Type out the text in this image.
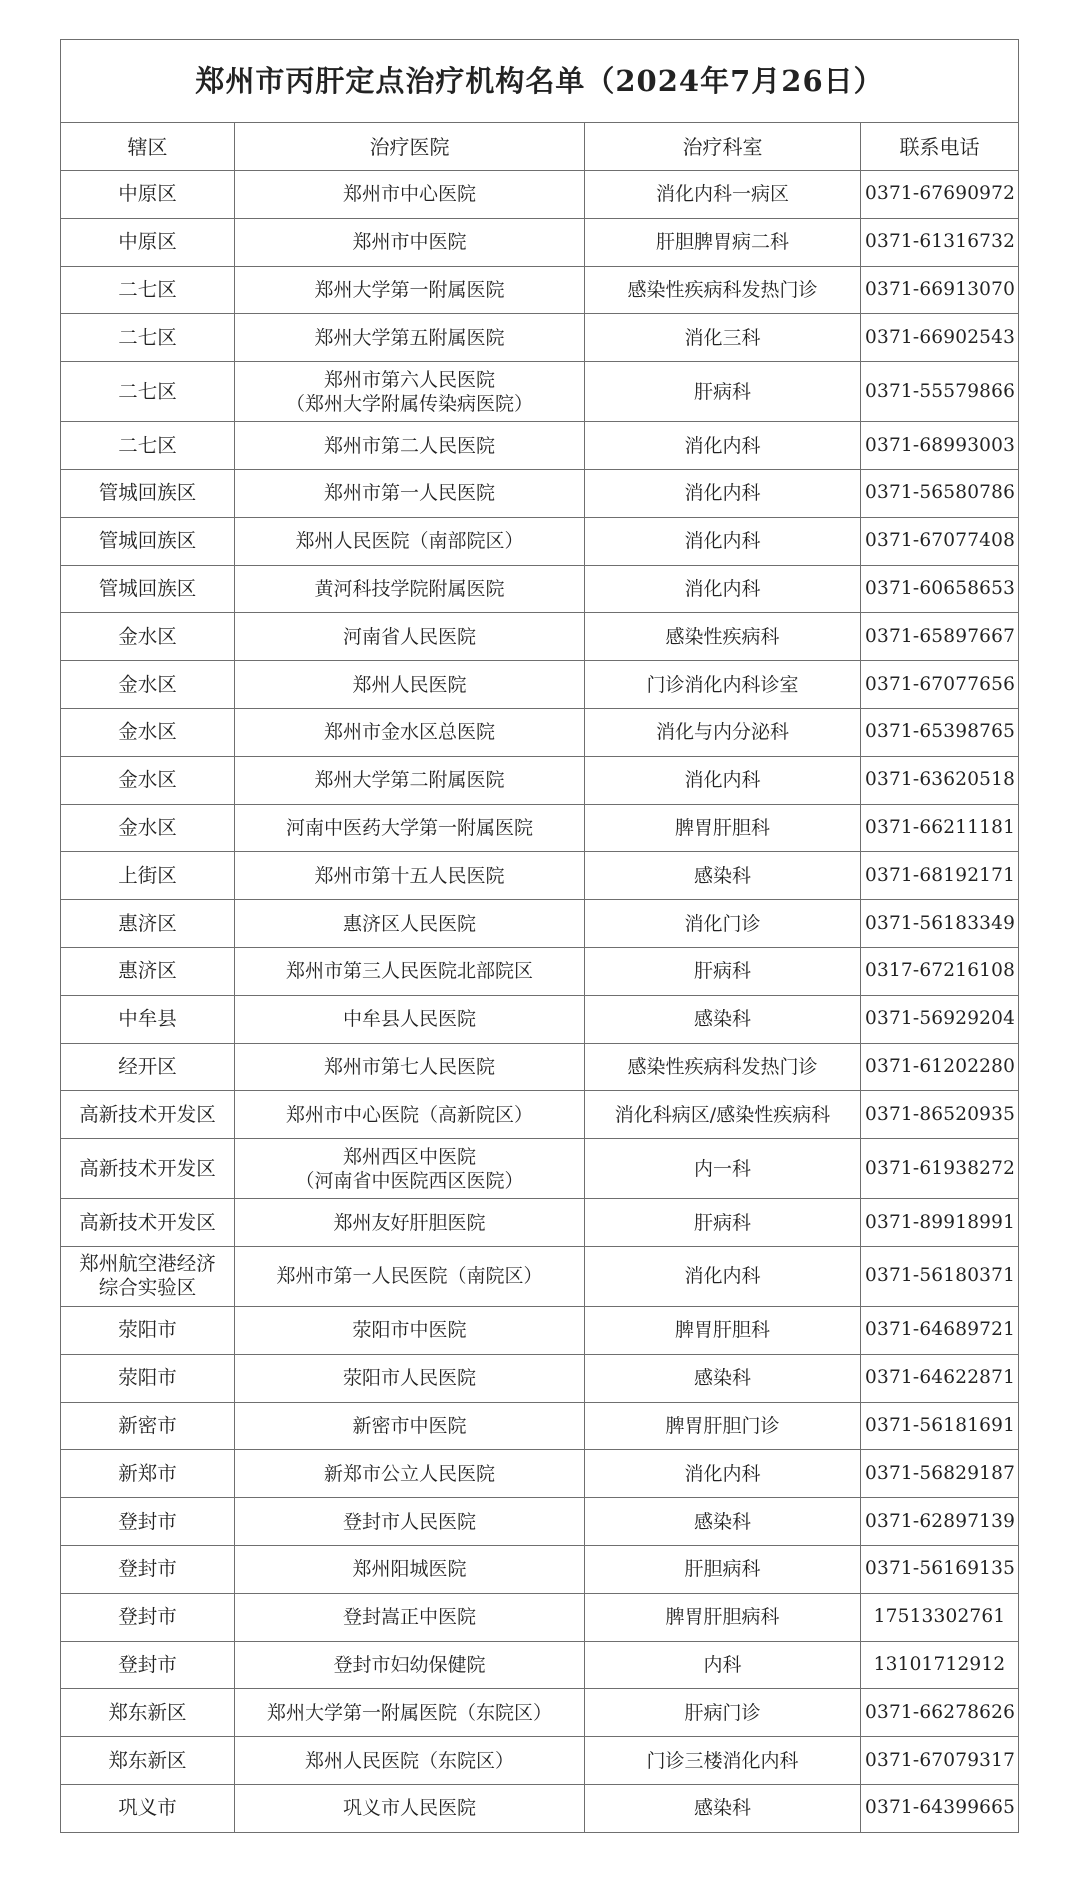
郑州市丙肝定点治疗机构名单（2024年7月26日）			
辖区	治疗医院	治疗科室	联系电话

中原区	郑州市中心医院	消化内科一病区	0371-67690972

中原区	郑州市中医院	肝胆脾胃病二科	0371-61316732

二七区	郑州大学第一附属医院	感染性疾病科发热门诊	0371-66913070

二七区	郑州大学第五附属医院	消化三科	0371-66902543

二七区	郑州市第六人民医院
（郑州大学附属传染病医院）	肝病科	0371-55579866

二七区	郑州市第二人民医院	消化内科	0371-68993003

管城回族区	郑州市第一人民医院	消化内科	0371-56580786

管城回族区	郑州人民医院（南部院区）	消化内科	0371-67077408

管城回族区	黄河科技学院附属医院	消化内科	0371-60658653

金水区	河南省人民医院	感染性疾病科	0371-65897667

金水区	郑州人民医院	门诊消化内科诊室	0371-67077656

金水区	郑州市金水区总医院	消化与内分泌科	0371-65398765

金水区	郑州大学第二附属医院	消化内科	0371-63620518

金水区	河南中医药大学第一附属医院	脾胃肝胆科	0371-66211181

上街区	郑州市第十五人民医院	感染科	0371-68192171

惠济区	惠济区人民医院	消化门诊	0371-56183349

惠济区	郑州市第三人民医院北部院区	肝病科	0317-67216108

中牟县	中牟县人民医院	感染科	0371-56929204

经开区	郑州市第七人民医院	感染性疾病科发热门诊	0371-61202280

高新技术开发区	郑州市中心医院（高新院区）	消化科病区/感染性疾病科	0371-86520935

高新技术开发区	郑州西区中医院
（河南省中医院西区医院）	内一科	0371-61938272

高新技术开发区	郑州友好肝胆医院	肝病科	0371-89918991

郑州航空港经济
综合实验区	郑州市第一人民医院（南院区）	消化内科	0371-56180371

荥阳市	荥阳市中医院	脾胃肝胆科	0371-64689721

荥阳市	荥阳市人民医院	感染科	0371-64622871

新密市	新密市中医院	脾胃肝胆门诊	0371-56181691

新郑市	新郑市公立人民医院	消化内科	0371-56829187

登封市	登封市人民医院	感染科	0371-62897139

登封市	郑州阳城医院	肝胆病科	0371-56169135

登封市	登封嵩正中医院	脾胃肝胆病科	17513302761

登封市	登封市妇幼保健院	内科	13101712912

郑东新区	郑州大学第一附属医院（东院区）	肝病门诊	0371-66278626

郑东新区	郑州人民医院（东院区）	门诊三楼消化内科	0371-67079317

巩义市	巩义市人民医院	感染科	0371-64399665
